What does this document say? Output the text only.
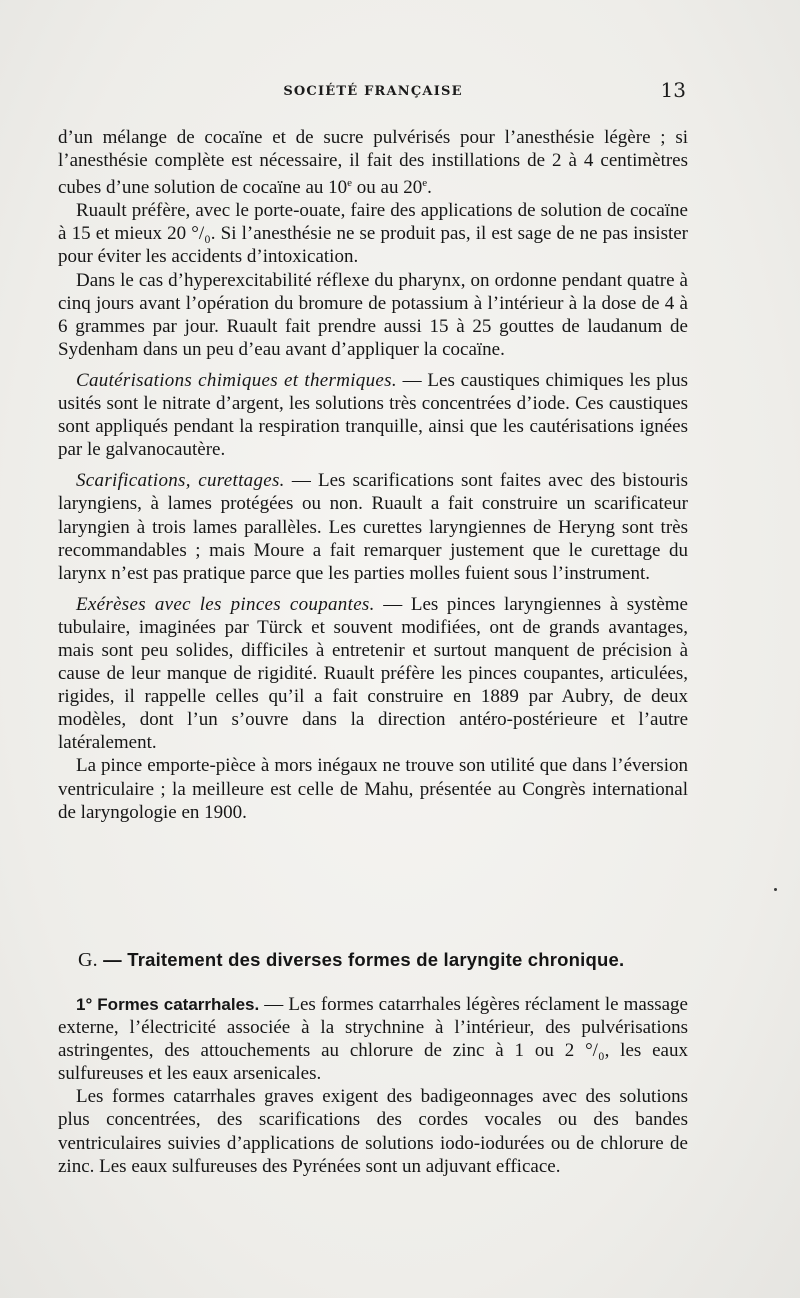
SOCIÉTÉ FRANÇAISE	13

d’un mélange de cocaïne et de sucre pulvérisés pour l’anesthésie légère ; si l’anesthésie complète est nécessaire, il fait des instillations de 2 à 4 centimètres cubes d’une solution de cocaïne au 10e ou au 20e.

Ruault préfère, avec le porte-ouate, faire des applications de solution de cocaïne à 15 et mieux 20 °/₀. Si l’anesthésie ne se produit pas, il est sage de ne pas insister pour éviter les accidents d’intoxication.

Dans le cas d’hyperexcitabilité réflexe du pharynx, on ordonne pendant quatre à cinq jours avant l’opération du bromure de potassium à l’intérieur à la dose de 4 à 6 grammes par jour. Ruault fait prendre aussi 15 à 25 gouttes de laudanum de Sydenham dans un peu d’eau avant d’appliquer la cocaïne.

Cautérisations chimiques et thermiques. — Les caustiques chimiques les plus usités sont le nitrate d’argent, les solutions très concentrées d’iode. Ces caustiques sont appliqués pendant la respiration tranquille, ainsi que les cautérisations ignées par le galvanocautère.

Scarifications, curettages. — Les scarifications sont faites avec des bistouris laryngiens, à lames protégées ou non. Ruault a fait construire un scarificateur laryngien à trois lames parallèles. Les curettes laryngiennes de Heryng sont très recommandables ; mais Moure a fait remarquer justement que le curettage du larynx n’est pas pratique parce que les parties molles fuient sous l’instrument.

Exérèses avec les pinces coupantes. — Les pinces laryngiennes à système tubulaire, imaginées par Türck et souvent modifiées, ont de grands avantages, mais sont peu solides, difficiles à entretenir et surtout manquent de précision à cause de leur manque de rigidité. Ruault préfère les pinces coupantes, articulées, rigides, il rappelle celles qu’il a fait construire en 1889 par Aubry, de deux modèles, dont l’un s’ouvre dans la direction antéro-postérieure et l’autre latéralement.

La pince emporte-pièce à mors inégaux ne trouve son utilité que dans l’éversion ventriculaire ; la meilleure est celle de Mahu, présentée au Congrès international de laryngologie en 1900.

G. — Traitement des diverses formes de laryngite chronique.

1° Formes catarrhales. — Les formes catarrhales légères réclament le massage externe, l’électricité associée à la strychnine à l’intérieur, des pulvérisations astringentes, des attouchements au chlorure de zinc à 1 ou 2 °/₀, les eaux sulfureuses et les eaux arsenicales.

Les formes catarrhales graves exigent des badigeonnages avec des solutions plus concentrées, des scarifications des cordes vocales ou des bandes ventriculaires suivies d’applications de solutions iodo-iodurées ou de chlorure de zinc. Les eaux sulfureuses des Pyrénées sont un adjuvant efficace.
